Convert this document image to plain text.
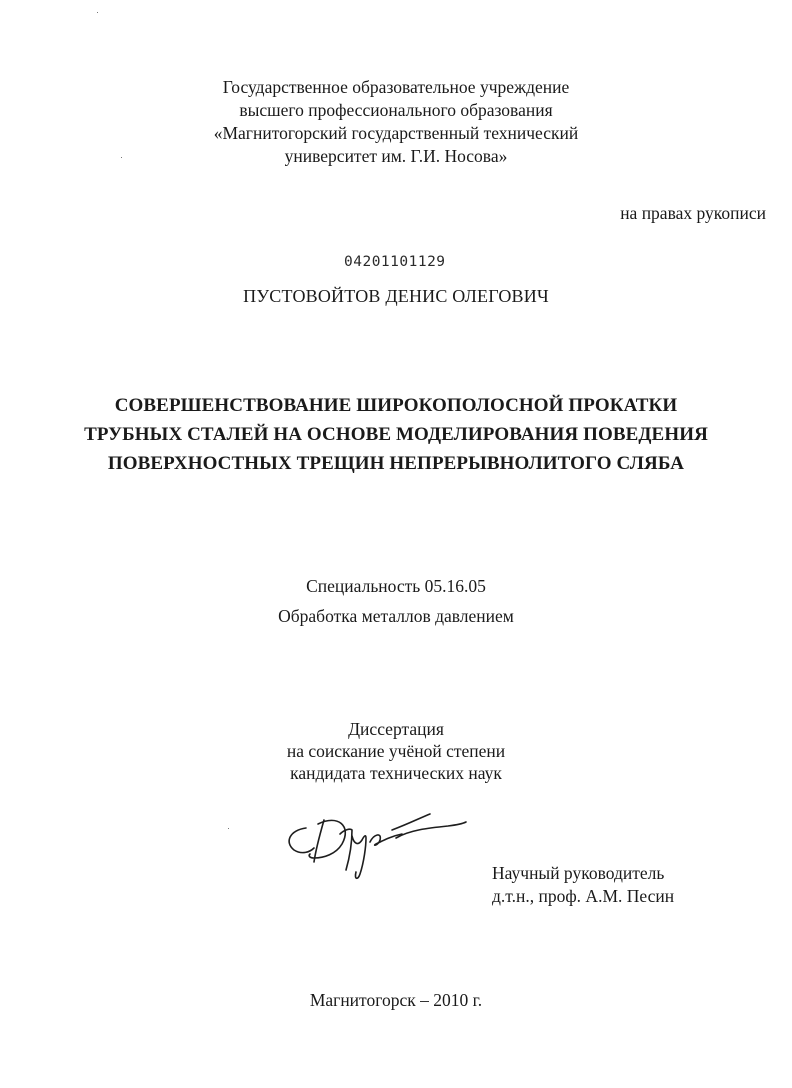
Государственное образовательное учреждение
высшего профессионального образования
«Магнитогорский государственный технический
университет им. Г.И. Носова»
на правах рукописи
04201101129
ПУСТОВОЙТОВ ДЕНИС ОЛЕГОВИЧ
СОВЕРШЕНСТВОВАНИЕ ШИРОКОПОЛОСНОЙ ПРОКАТКИ
ТРУБНЫХ СТАЛЕЙ НА ОСНОВЕ МОДЕЛИРОВАНИЯ ПОВЕДЕНИЯ
ПОВЕРХНОСТНЫХ ТРЕЩИН НЕПРЕРЫВНОЛИТОГО СЛЯБА
Специальность 05.16.05
Обработка металлов давлением
Диссертация
на соискание учёной степени
кандидата технических наук
Научный руководитель
д.т.н., проф. А.М. Песин
Магнитогорск – 2010 г.
